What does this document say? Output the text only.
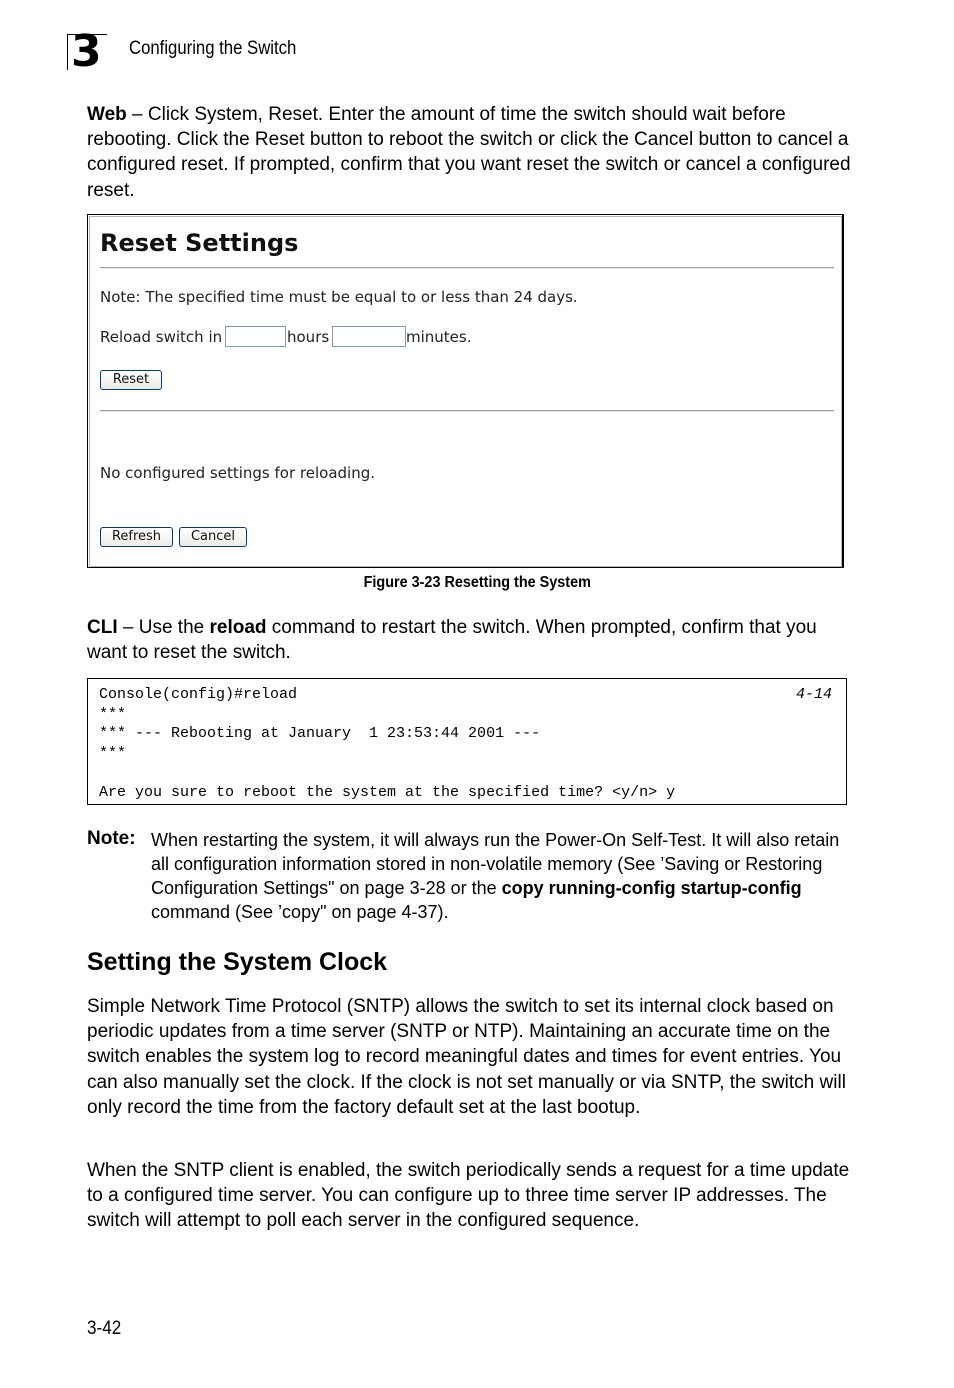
3 Configuring the Switch
Web – Click System, Reset. Enter the amount of time the switch should wait before rebooting. Click the Reset button to reboot the switch or click the Cancel button to cancel a configured reset. If prompted, confirm that you want reset the switch or cancel a configured reset.
Reset Settings
Note: The specified time must be equal to or less than 24 days.
Reload switch in	hours	minutes.
Reset
No configured settings for reloading.
Refresh	Cancel
Figure 3-23 Resetting the System
CLI – Use the reload command to restart the switch. When prompted, confirm that you want to reset the switch.
Console(config)#reload
***
*** --- Rebooting at January  1 23:53:44 2001 ---
***
Are you sure to reboot the system at the specified time? <y/n> y
4-14
Note: When restarting the system, it will always run the Power-On Self-Test. It will also retain all configuration information stored in non-volatile memory (See ’Saving or Restoring Configuration Settings" on page 3-28 or the copy running-config startup-config command (See ’copy" on page 4-37).
Setting the System Clock
Simple Network Time Protocol (SNTP) allows the switch to set its internal clock based on periodic updates from a time server (SNTP or NTP). Maintaining an accurate time on the switch enables the system log to record meaningful dates and times for event entries. You can also manually set the clock. If the clock is not set manually or via SNTP, the switch will only record the time from the factory default set at the last bootup.
When the SNTP client is enabled, the switch periodically sends a request for a time update to a configured time server. You can configure up to three time server IP addresses. The switch will attempt to poll each server in the configured sequence.
3-42
